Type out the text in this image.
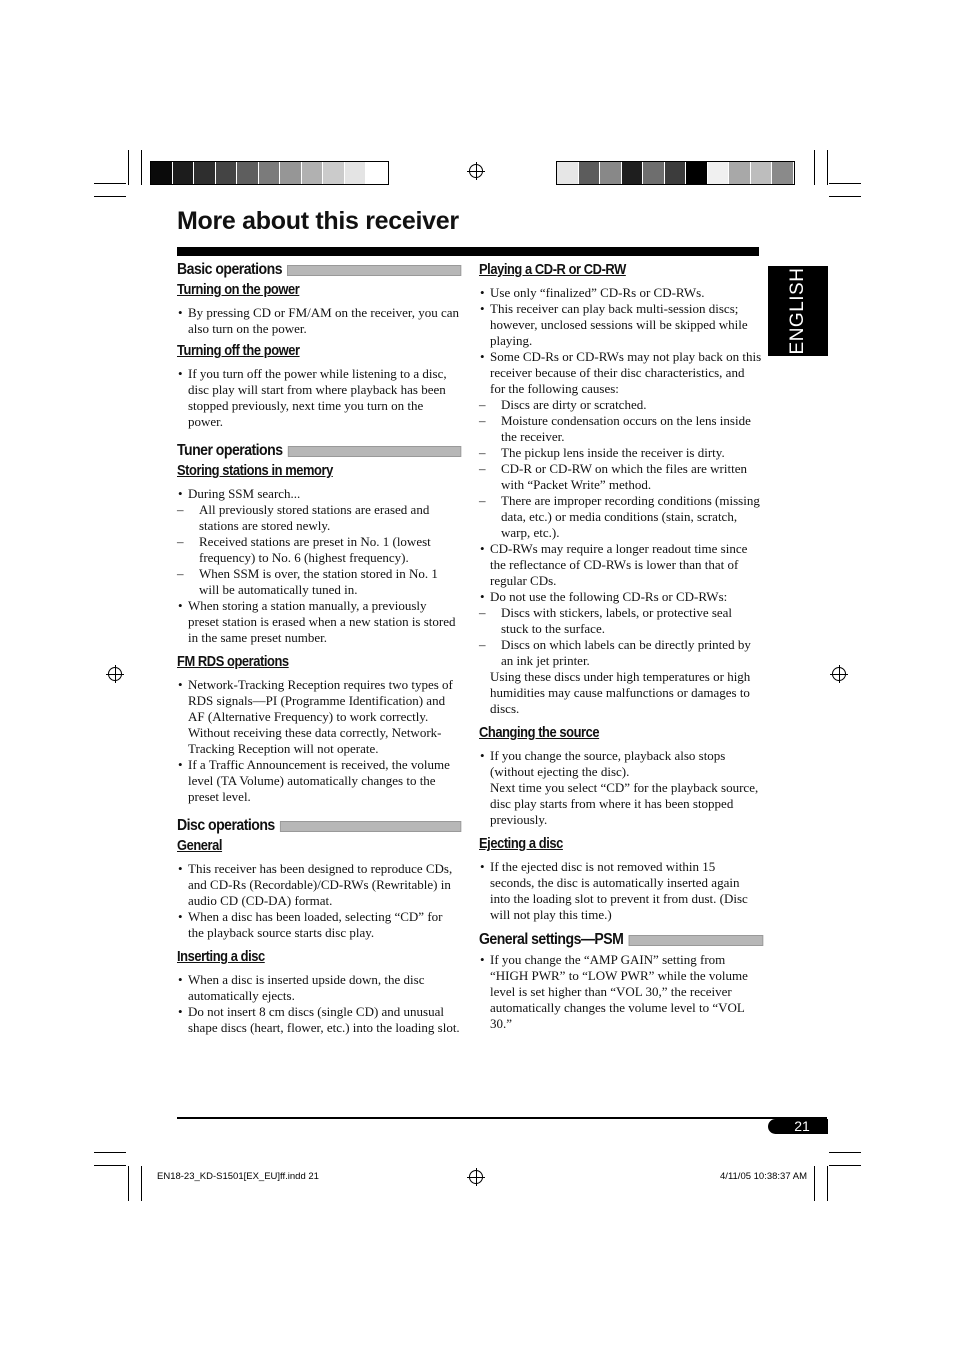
More about this receiver
ENGLISH
Basic operations
Turning on the power
• By pressing CD or FM/AM on the receiver, you can also turn on the power.
Turning off the power
• If you turn off the power while listening to a disc, disc play will start from where playback has been stopped previously, next time you turn on the power.
Tuner operations
Storing stations in memory
• During SSM search...
– All previously stored stations are erased and stations are stored newly.
– Received stations are preset in No. 1 (lowest frequency) to No. 6 (highest frequency).
– When SSM is over, the station stored in No. 1 will be automatically tuned in.
• When storing a station manually, a previously preset station is erased when a new station is stored in the same preset number.
FM RDS operations
• Network-Tracking Reception requires two types of RDS signals—PI (Programme Identification) and AF (Alternative Frequency) to work correctly. Without receiving these data correctly, Network-Tracking Reception will not operate.
• If a Traffic Announcement is received, the volume level (TA Volume) automatically changes to the preset level.
Disc operations
General
• This receiver has been designed to reproduce CDs, and CD-Rs (Recordable)/CD-RWs (Rewritable) in audio CD (CD-DA) format.
• When a disc has been loaded, selecting “CD” for the playback source starts disc play.
Inserting a disc
• When a disc is inserted upside down, the disc automatically ejects.
• Do not insert 8 cm discs (single CD) and unusual shape discs (heart, flower, etc.) into the loading slot.
Playing a CD-R or CD-RW
• Use only “finalized” CD-Rs or CD-RWs.
• This receiver can play back multi-session discs; however, unclosed sessions will be skipped while playing.
• Some CD-Rs or CD-RWs may not play back on this receiver because of their disc characteristics, and for the following causes:
– Discs are dirty or scratched.
– Moisture condensation occurs on the lens inside the receiver.
– The pickup lens inside the receiver is dirty.
– CD-R or CD-RW on which the files are written with “Packet Write” method.
– There are improper recording conditions (missing data, etc.) or media conditions (stain, scratch, warp, etc.).
• CD-RWs may require a longer readout time since the reflectance of CD-RWs is lower than that of regular CDs.
• Do not use the following CD-Rs or CD-RWs:
– Discs with stickers, labels, or protective seal stuck to the surface.
– Discs on which labels can be directly printed by an ink jet printer.
Using these discs under high temperatures or high humidities may cause malfunctions or damages to discs.
Changing the source
• If you change the source, playback also stops (without ejecting the disc).
Next time you select “CD” for the playback source, disc play starts from where it has been stopped previously.
Ejecting a disc
• If the ejected disc is not removed within 15 seconds, the disc is automatically inserted again into the loading slot to prevent it from dust. (Disc will not play this time.)
General settings—PSM
• If you change the “AMP GAIN” setting from “HIGH PWR” to “LOW PWR” while the volume level is set higher than “VOL 30,” the receiver automatically changes the volume level to “VOL 30.”
21
EN18-23_KD-S1501[EX_EU]ff.indd 21	4/11/05 10:38:37 AM
